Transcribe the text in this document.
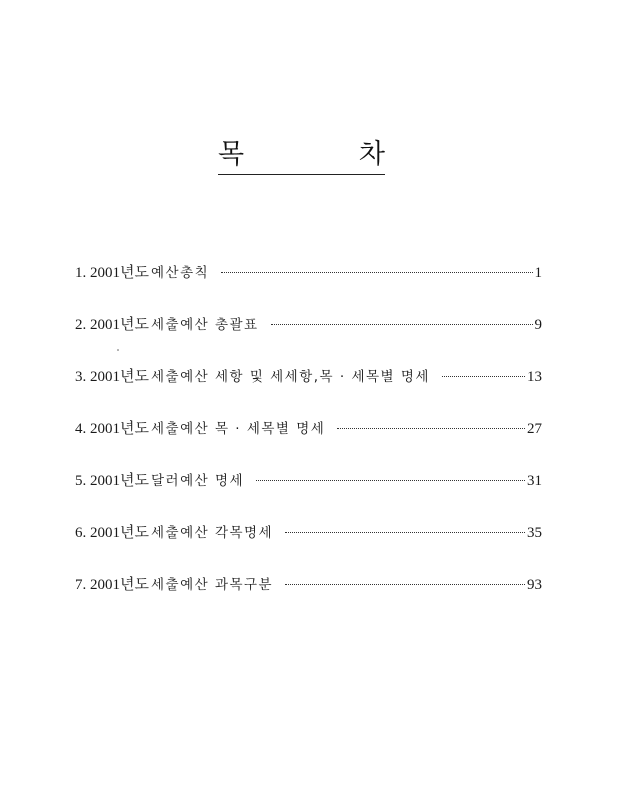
목	차
1. 2001년도 예산총칙	1
2. 2001년도 세출예산 총괄표	9
3. 2001년도 세출예산 세항 및 세세항,목 · 세목별 명세	13
4. 2001년도 세출예산 목 · 세목별 명세	27
5. 2001년도 달러예산 명세	31
6. 2001년도 세출예산 각목명세	35
7. 2001년도 세출예산 과목구분	93
